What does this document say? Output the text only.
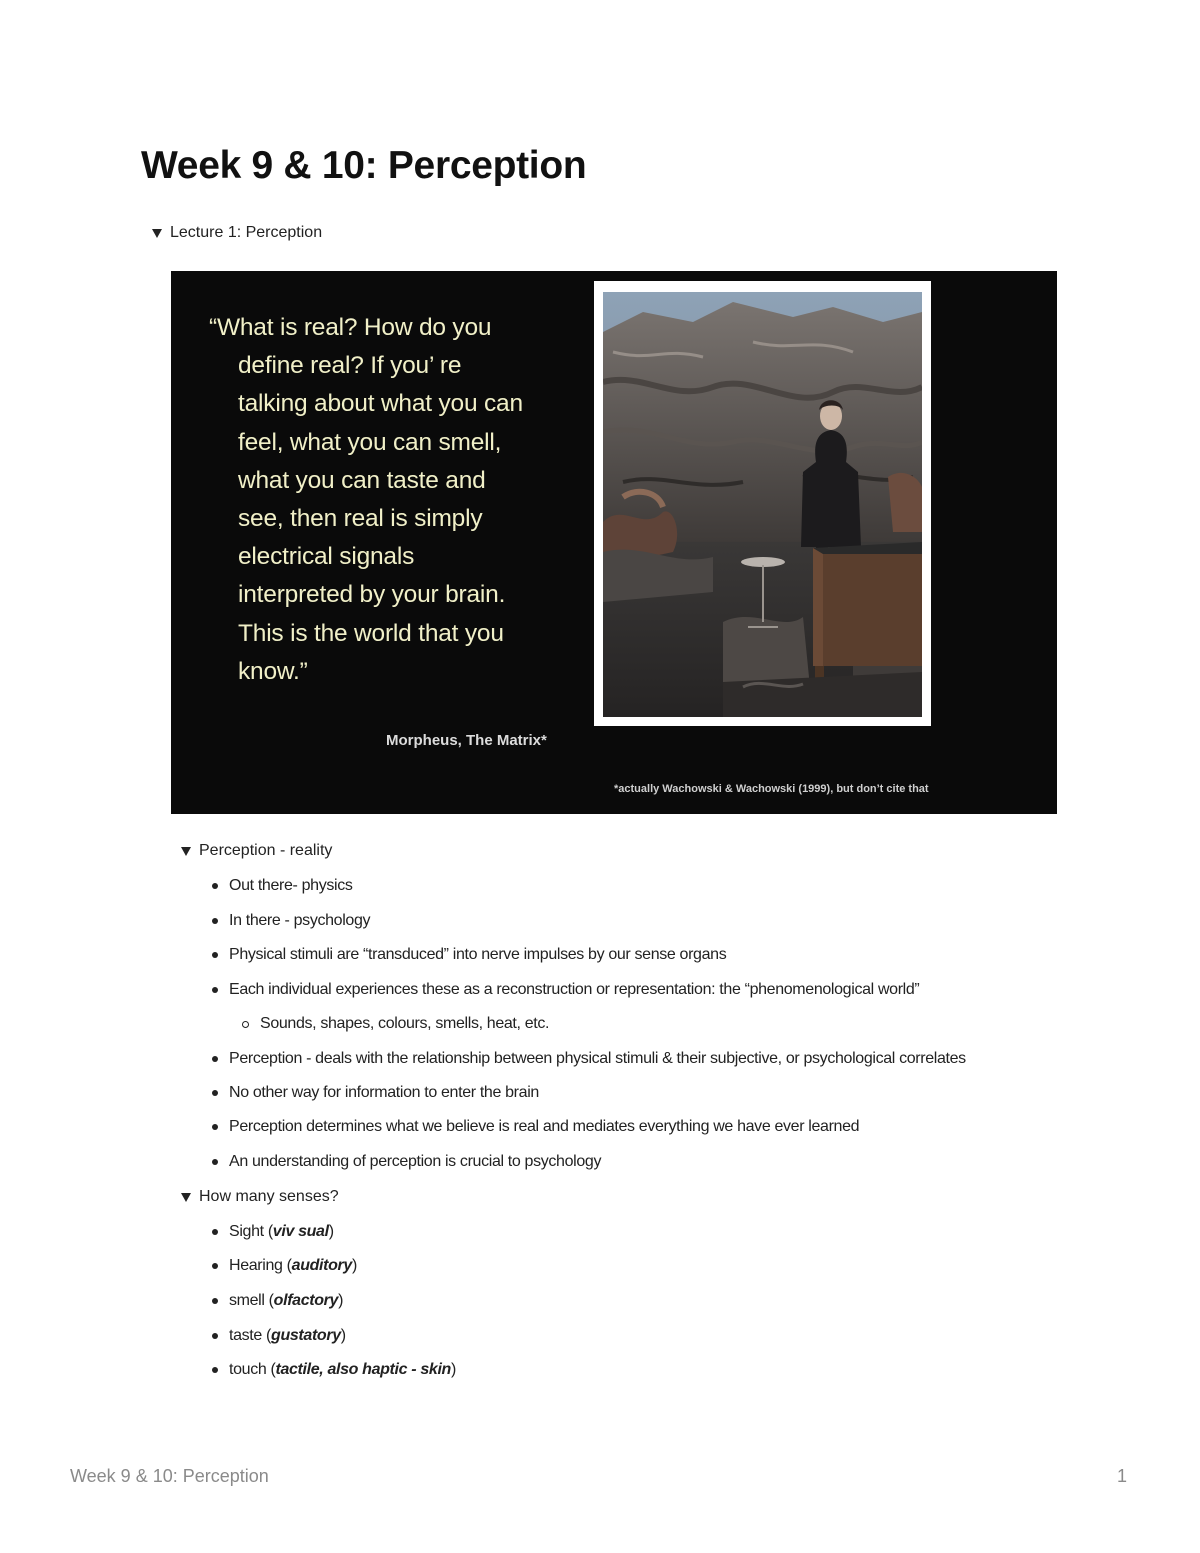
Week 9 & 10: Perception
Lecture 1: Perception
“What is real? How do you
define real? If you’ re
talking about what you can
feel, what you can smell,
what you can taste and
see, then real is simply
electrical signals
interpreted by your brain.
This is the world that you
know.”
Morpheus, The Matrix*
*actually Wachowski & Wachowski (1999), but don’t cite that
Perception - reality
Out there- physics
In there - psychology
Physical stimuli are “transduced” into nerve impulses by our sense organs
Each individual experiences these as a reconstruction or representation: the “phenomenological world”
Sounds, shapes, colours, smells, heat, etc.
Perception - deals with the relationship between physical stimuli & their subjective, or psychological correlates
No other way for information to enter the brain
Perception determines what we believe is real and mediates everything we have ever learned
An understanding of perception is crucial to psychology
How many senses?
Sight ( viv sual )
Hearing ( auditory )
smell ( olfactory )
taste ( gustatory )
touch ( tactile, also haptic - skin )
Week 9 & 10: Perception	1
